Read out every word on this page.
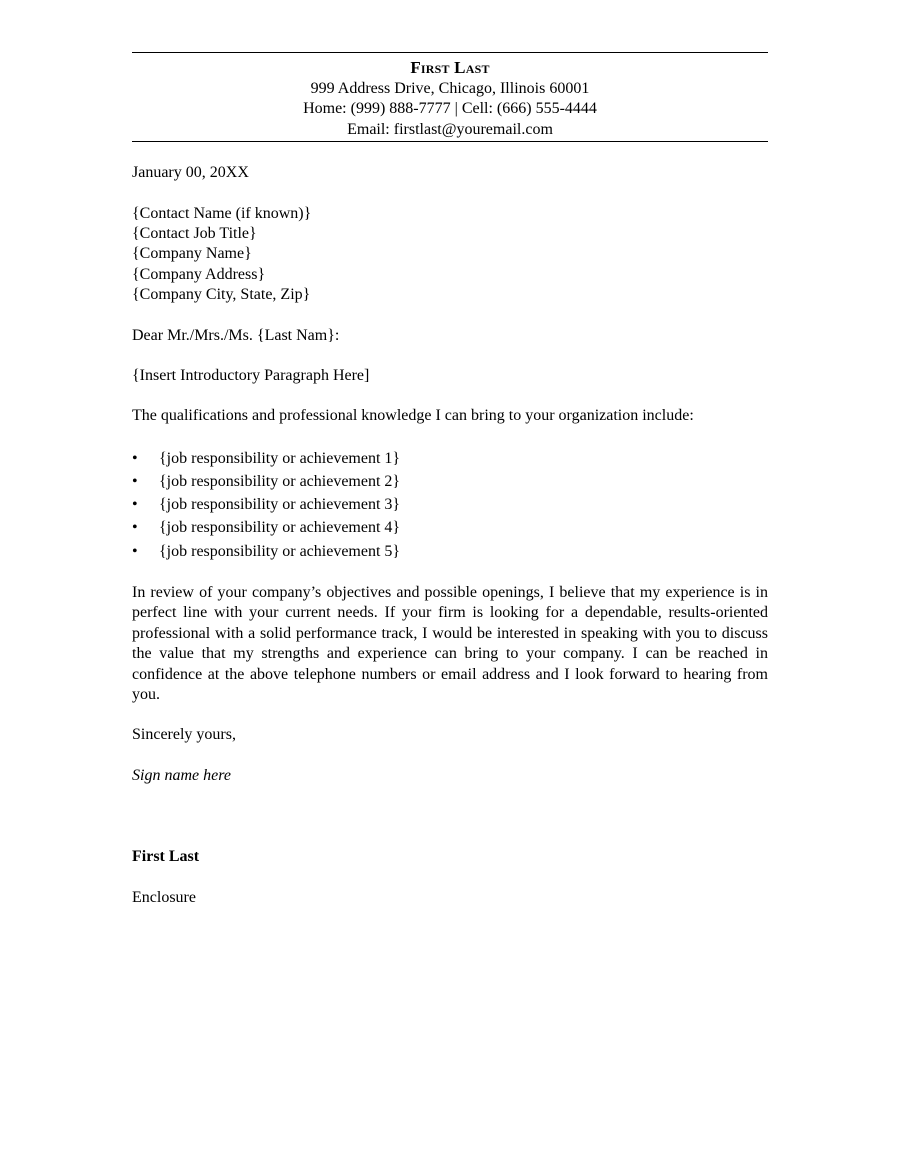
First Last
999 Address Drive, Chicago, Illinois 60001
Home: (999) 888-7777 | Cell: (666) 555-4444
Email: firstlast@youremail.com
January 00, 20XX
{Contact Name (if known)}
{Contact Job Title}
{Company Name}
{Company Address}
{Company City, State, Zip}
Dear Mr./Mrs./Ms. {Last Nam}:
{Insert Introductory Paragraph Here]
The qualifications and professional knowledge I can bring to your organization include:
• {job responsibility or achievement 1}
• {job responsibility or achievement 2}
• {job responsibility or achievement 3}
• {job responsibility or achievement 4}
• {job responsibility or achievement 5}
In review of your company’s objectives and possible openings, I believe that my experience is in perfect line with your current needs. If your firm is looking for a dependable, results-oriented professional with a solid performance track, I would be interested in speaking with you to discuss the value that my strengths and experience can bring to your company. I can be reached in confidence at the above telephone numbers or email address and I look forward to hearing from you.
Sincerely yours,
Sign name here
First Last
Enclosure
